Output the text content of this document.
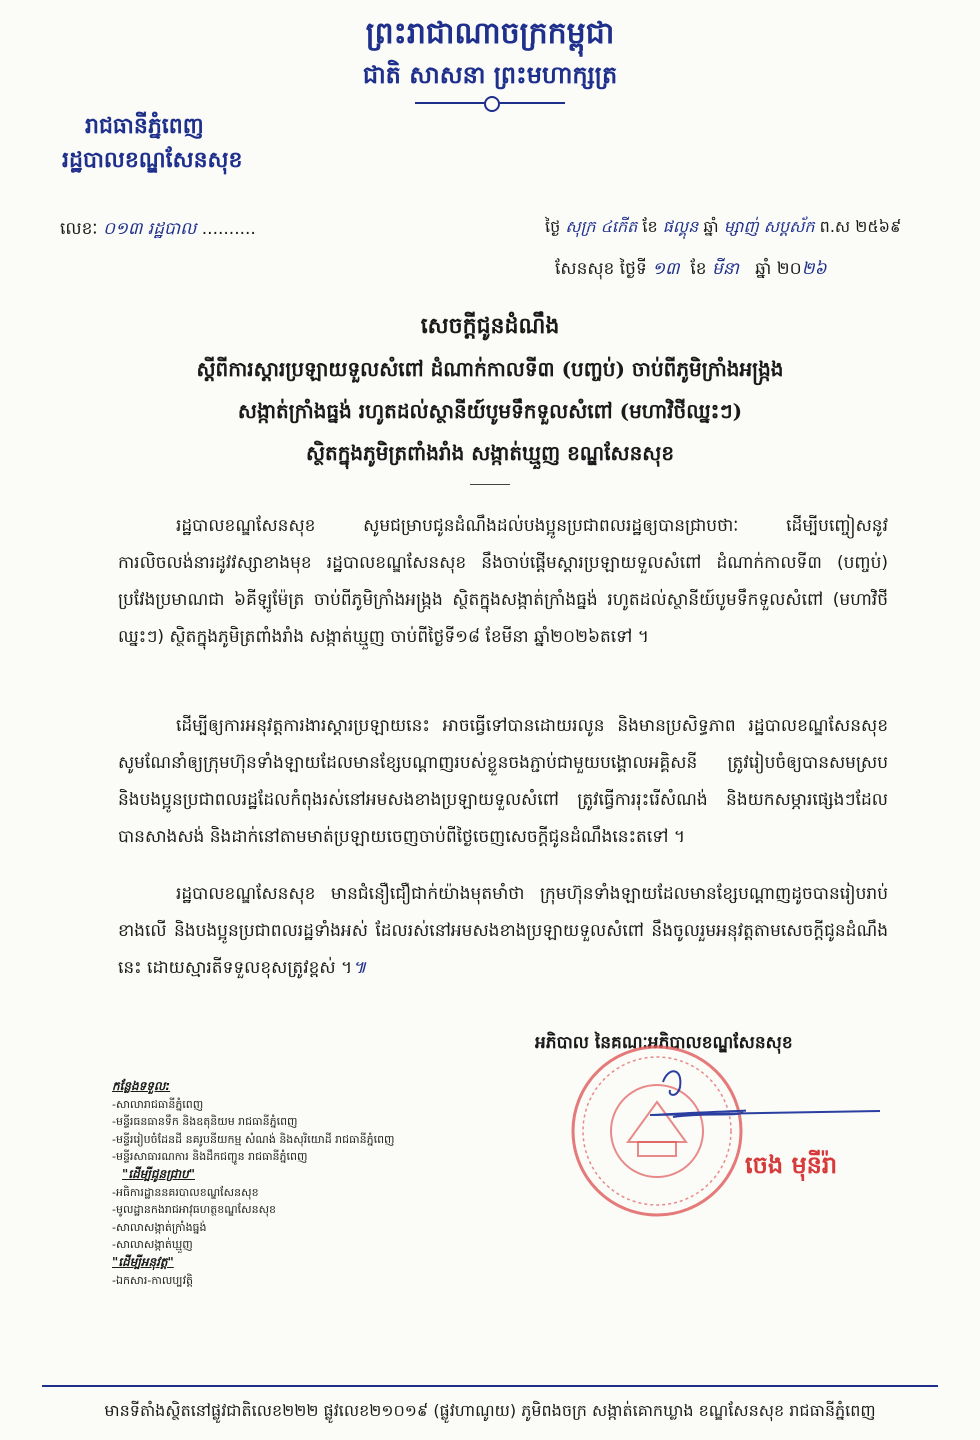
ព្រះរាជាណាចក្រកម្ពុជា
ជាតិ សាសនា ព្រះមហាក្សត្រ
រាជធានីភ្នំពេញ
រដ្ឋបាលខណ្ឌសែនសុខ
លេខៈ ០១៣ រដ្ឋបាល ..........	ថ្ងៃ សុក្រ ៤កើត ខែ ផល្គុន ឆ្នាំ ម្សាញ់ សប្តស័ក ព.ស ២៥៦៩
សែនសុខ ថ្ងៃទី ១៣ ខែ មីនា ឆ្នាំ ២០២៦
សេចក្ដីជូនដំណឹង
ស្ដីពីការស្ដារប្រឡាយទួលសំពៅ ដំណាក់កាលទី៣ (បញ្ចប់) ចាប់ពីភូមិក្រាំងអង្រ្កង
សង្កាត់ក្រាំងធ្នង់ រហូតដល់ស្ថានីយ៍បូមទឹកទួលសំពៅ (មហាវិថីឈ្នះៗ)
ស្ថិតក្នុងភូមិត្រពាំងរាំង សង្កាត់ឃ្មួញ ខណ្ឌសែនសុខ
រដ្ឋបាលខណ្ឌសែនសុខ សូមជម្រាបជូនដំណឹងដល់បងប្អូនប្រជាពលរដ្ឋឲ្យបានជ្រាបថាៈ ដើម្បីបញ្ចៀសនូវការលិចលង់នារដូវវស្សាខាងមុខ រដ្ឋបាលខណ្ឌសែនសុខ នឹងចាប់ផ្ដើមស្ដារប្រឡាយទួលសំពៅ ដំណាក់កាលទី៣ (បញ្ចប់) ប្រវែងប្រមាណជា ៦គីឡូម៉ែត្រ ចាប់ពីភូមិក្រាំងអង្រ្កង ស្ថិតក្នុងសង្កាត់ក្រាំងធ្នង់ រហូតដល់ស្ថានីយ៍បូមទឹកទួលសំពៅ (មហាវិថីឈ្នះៗ) ស្ថិតក្នុងភូមិត្រពាំងរាំង សង្កាត់ឃ្មួញ ចាប់ពីថ្ងៃទី១៨ ខែមីនា ឆ្នាំ២០២៦តទៅ ។
ដើម្បីឲ្យការអនុវត្តការងារស្ដារប្រឡាយនេះ អាចធ្វើទៅបានដោយរលូន និងមានប្រសិទ្ធភាព រដ្ឋបាលខណ្ឌសែនសុខ សូមណែនាំឲ្យក្រុមហ៊ុនទាំងឡាយដែលមានខ្សែបណ្ដាញរបស់ខ្លួនចងភ្ជាប់ជាមួយបង្គោលអគ្គិសនី ត្រូវរៀបចំឲ្យបានសមស្រប និងបងប្អូនប្រជាពលរដ្ឋដែលកំពុងរស់នៅអមសងខាងប្រឡាយទួលសំពៅ ត្រូវធ្វើការរុះរើសំណង់ និងយកសម្ភារផ្សេងៗដែលបានសាងសង់ និងដាក់នៅតាមមាត់ប្រឡាយចេញចាប់ពីថ្ងៃចេញសេចក្ដីជូនដំណឹងនេះតទៅ ។
រដ្ឋបាលខណ្ឌសែនសុខ មានជំនឿជឿជាក់យ៉ាងមុតមាំថា ក្រុមហ៊ុនទាំងឡាយដែលមានខ្សែបណ្ដាញដូចបានរៀបរាប់ខាងលើ និងបងប្អូនប្រជាពលរដ្ឋទាំងអស់ ដែលរស់នៅអមសងខាងប្រឡាយទួលសំពៅ នឹងចូលរួមអនុវត្តតាមសេចក្ដីជូនដំណឹងនេះ ដោយស្មារតីទទួលខុសត្រូវខ្ពស់ ។៕
អភិបាល នៃគណៈអភិបាលខណ្ឌសែនសុខ
ចេង មុនីរ៉ា
កន្លែងទទួល:
-សាលារាជធានីភ្នំពេញ
-មន្ទីរធនធានទឹក និងឧតុនិយម រាជធានីភ្នំពេញ
-មន្ទីររៀបចំដែនដី នគរូបនីយកម្ម សំណង់ និងសុរិយោដី រាជធានីភ្នំពេញ
-មន្ទីរសាធារណការ និងដឹកជញ្ជូន រាជធានីភ្នំពេញ
"ដើម្បីជូនជ្រាប"
-អធិការដ្ឋាននគរបាលខណ្ឌសែនសុខ
-មូលដ្ឋានកងរាជអាវុធហត្ថខណ្ឌសែនសុខ
-សាលាសង្កាត់ក្រាំងធ្នង់
-សាលាសង្កាត់ឃ្មួញ
"ដើម្បីអនុវត្ត"
-ឯកសារ-កាលប្បវត្តិ
មានទីតាំងស្ថិតនៅផ្លូវជាតិលេខ២២២ ផ្លូវលេខ២១០១៩ (ផ្លូវហាណូយ) ភូមិពងចក្រ សង្កាត់គោកឃ្លាង ខណ្ឌសែនសុខ រាជធានីភ្នំពេញ
